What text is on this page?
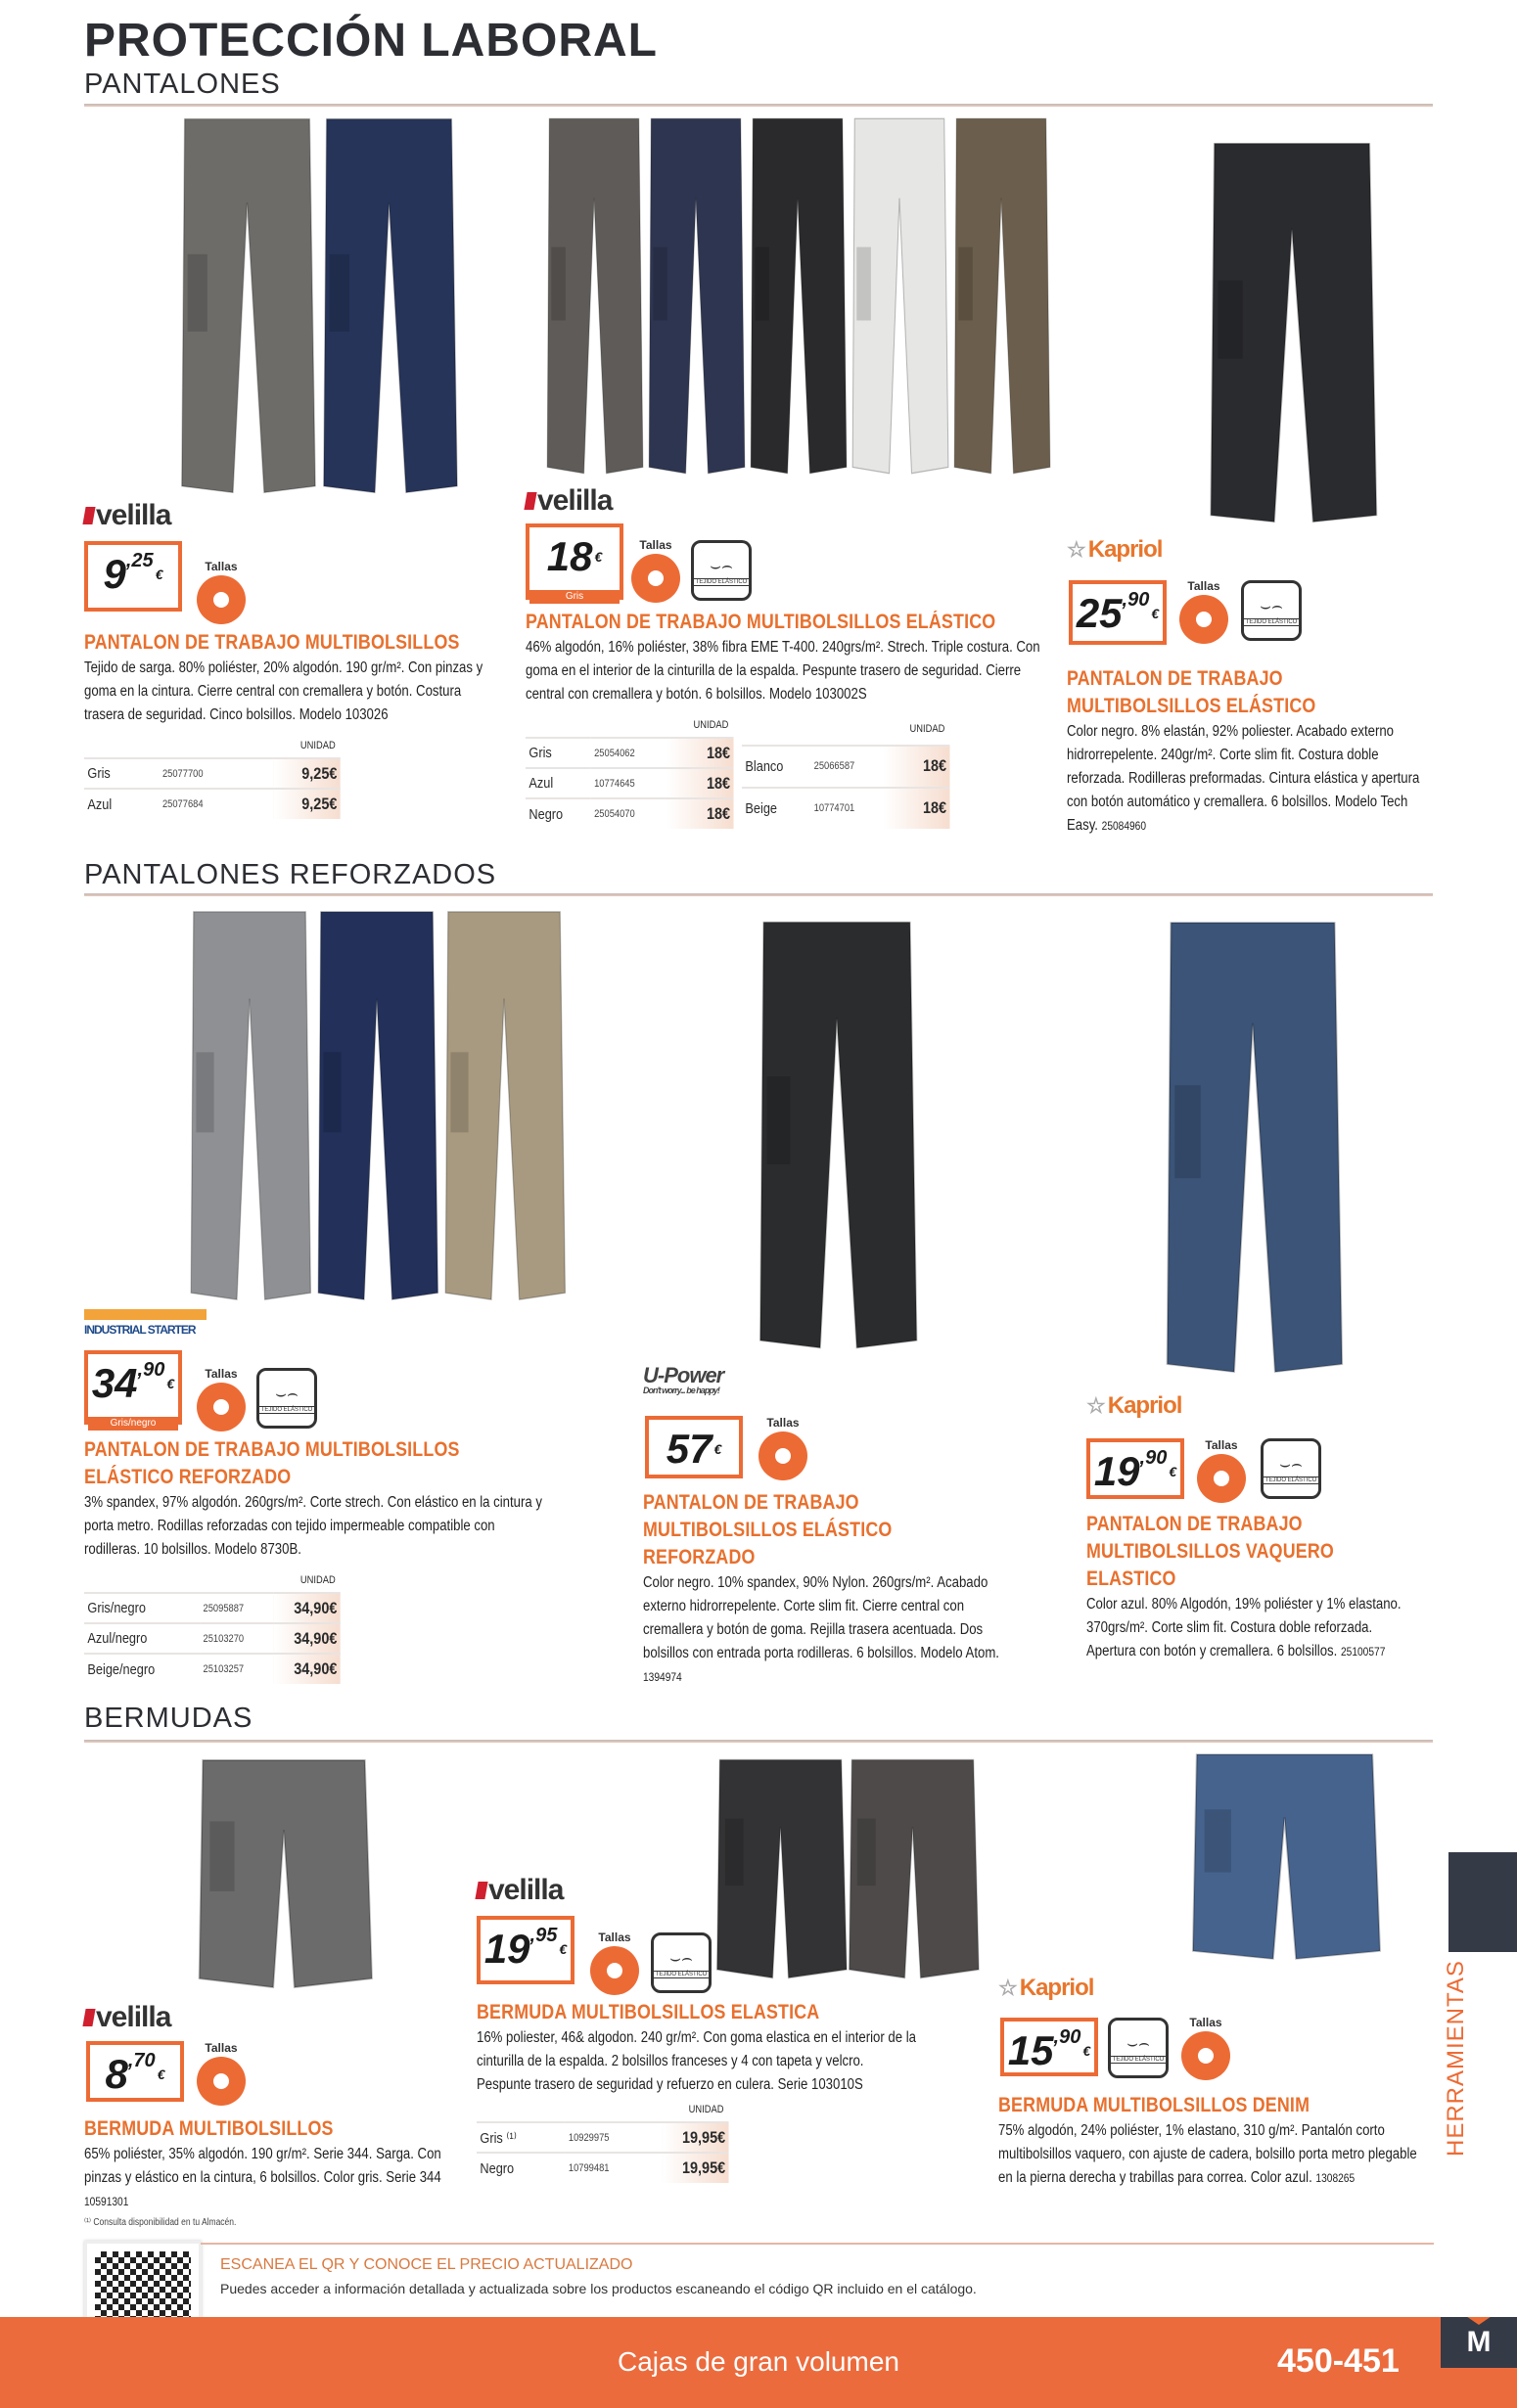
PROTECCIÓN LABORAL
PANTALONES
PANTALONES REFORZADOS
BERMUDAS
velilla
9 ,25
€	Tallas
PANTALON DE TRABAJO MULTIBOLSILLOS
Tejido de sarga. 80% poliéster, 20% algodón. 190 gr/m². Con pinzas y goma en la cintura. Cierre central con cremallera y botón. Costura trasera de seguridad. Cinco bolsillos. Modelo 103026
UNIDAD		
Gris	25077700	9,25€
Azul	25077684	9,25€
velilla
18 €
Gris
Tallas
⌣⌢
TEJIDO ELÁSTICO
PANTALON DE TRABAJO MULTIBOLSILLOS ELÁSTICO
46% algodón, 16% poliéster, 38% fibra EME T-400. 240grs/m². Strech. Triple costura. Con goma en el interior de la cinturilla de la espalda. Pespunte trasero de seguridad. Cierre central con cremallera y botón. 6 bolsillos. Modelo 103002S
UNIDAD		
Gris	25054062	18€
Azul	10774645	18€
Negro	25054070	18€
UNIDAD		
Blanco	25066587	18€
Beige	10774701	18€
☆ Kapriol
25 ,90
€
Tallas
⌣⌢
TEJIDO ELÁSTICO
PANTALON DE TRABAJO MULTIBOLSILLOS ELÁSTICO
Color negro. 8% elastán, 92% poliester. Acabado externo hidrorrepelente. 240gr/m². Corte slim fit. Costura doble reforzada. Rodilleras preformadas. Cintura elástica y apertura con botón automático y cremallera. 6 bolsillos. Modelo Tech Easy. 25084960
INDUSTRIAL STARTER
34 ,90
€
Gris/negro
Tallas
⌣⌢
TEJIDO ELÁSTICO
PANTALON DE TRABAJO MULTIBOLSILLOS ELÁSTICO REFORZADO
3% spandex, 97% algodón. 260grs/m². Corte strech. Con elástico en la cintura y porta metro. Rodillas reforzadas con tejido impermeable compatible con rodilleras. 10 bolsillos. Modelo 8730B.
UNIDAD		
Gris/negro	25095887	34,90€
Azul/negro	25103270	34,90€
Beige/negro	25103257	34,90€
U-Power
Don't worry... be happy!
57 €
Tallas
PANTALON DE TRABAJO MULTIBOLSILLOS ELÁSTICO REFORZADO
Color negro. 10% spandex, 90% Nylon. 260grs/m². Acabado externo hidrorrepelente. Corte slim fit. Cierre central con cremallera y botón de goma. Rejilla trasera acentuada. Dos bolsillos con entrada porta rodilleras. 6 bolsillos. Modelo Atom. 1394974
☆ Kapriol
19 ,90
€
Tallas
⌣⌢
TEJIDO ELÁSTICO
PANTALON DE TRABAJO MULTIBOLSILLOS VAQUERO ELASTICO
Color azul. 80% Algodón, 19% poliéster y 1% elastano. 370grs/m². Corte slim fit. Costura doble reforzada. Apertura con botón y cremallera. 6 bolsillos. 25100577
velilla
8 ,70
€
Tallas
BERMUDA MULTIBOLSILLOS
65% poliéster, 35% algodón. 190 gr/m². Serie 344. Sarga. Con pinzas y elástico en la cintura, 6 bolsillos. Color gris. Serie 344 10591301
⁽¹⁾ Consulta disponibilidad en tu Almacén.
velilla
19 ,95
€
Tallas
⌣⌢
TEJIDO ELÁSTICO
BERMUDA MULTIBOLSILLOS ELASTICA
16% poliester, 46& algodon. 240 gr/m². Con goma elastica en el interior de la cinturilla de la espalda. 2 bolsillos franceses y 4 con tapeta y velcro. Pespunte trasero de seguridad y refuerzo en culera. Serie 103010S
UNIDAD		
Gris ⁽¹⁾	10929975	19,95€
Negro	10799481	19,95€
☆ Kapriol
15 ,90
€	⌣⌢
TEJIDO ELÁSTICO
Tallas
BERMUDA MULTIBOLSILLOS DENIM
75% algodón, 24% poliéster, 1% elastano, 310 g/m². Pantalón corto multibolsillos vaquero, con ajuste de cadera, bolsillo porta metro plegable en la pierna derecha y trabillas para correa. Color azul. 1308265
HERRAMIENTAS
ESCANEA EL QR Y CONOCE EL PRECIO ACTUALIZADO
Puedes acceder a información detallada y actualizada sobre los productos escaneando el código QR incluido en el catálogo.
Cajas de gran volumen	450-451
M
